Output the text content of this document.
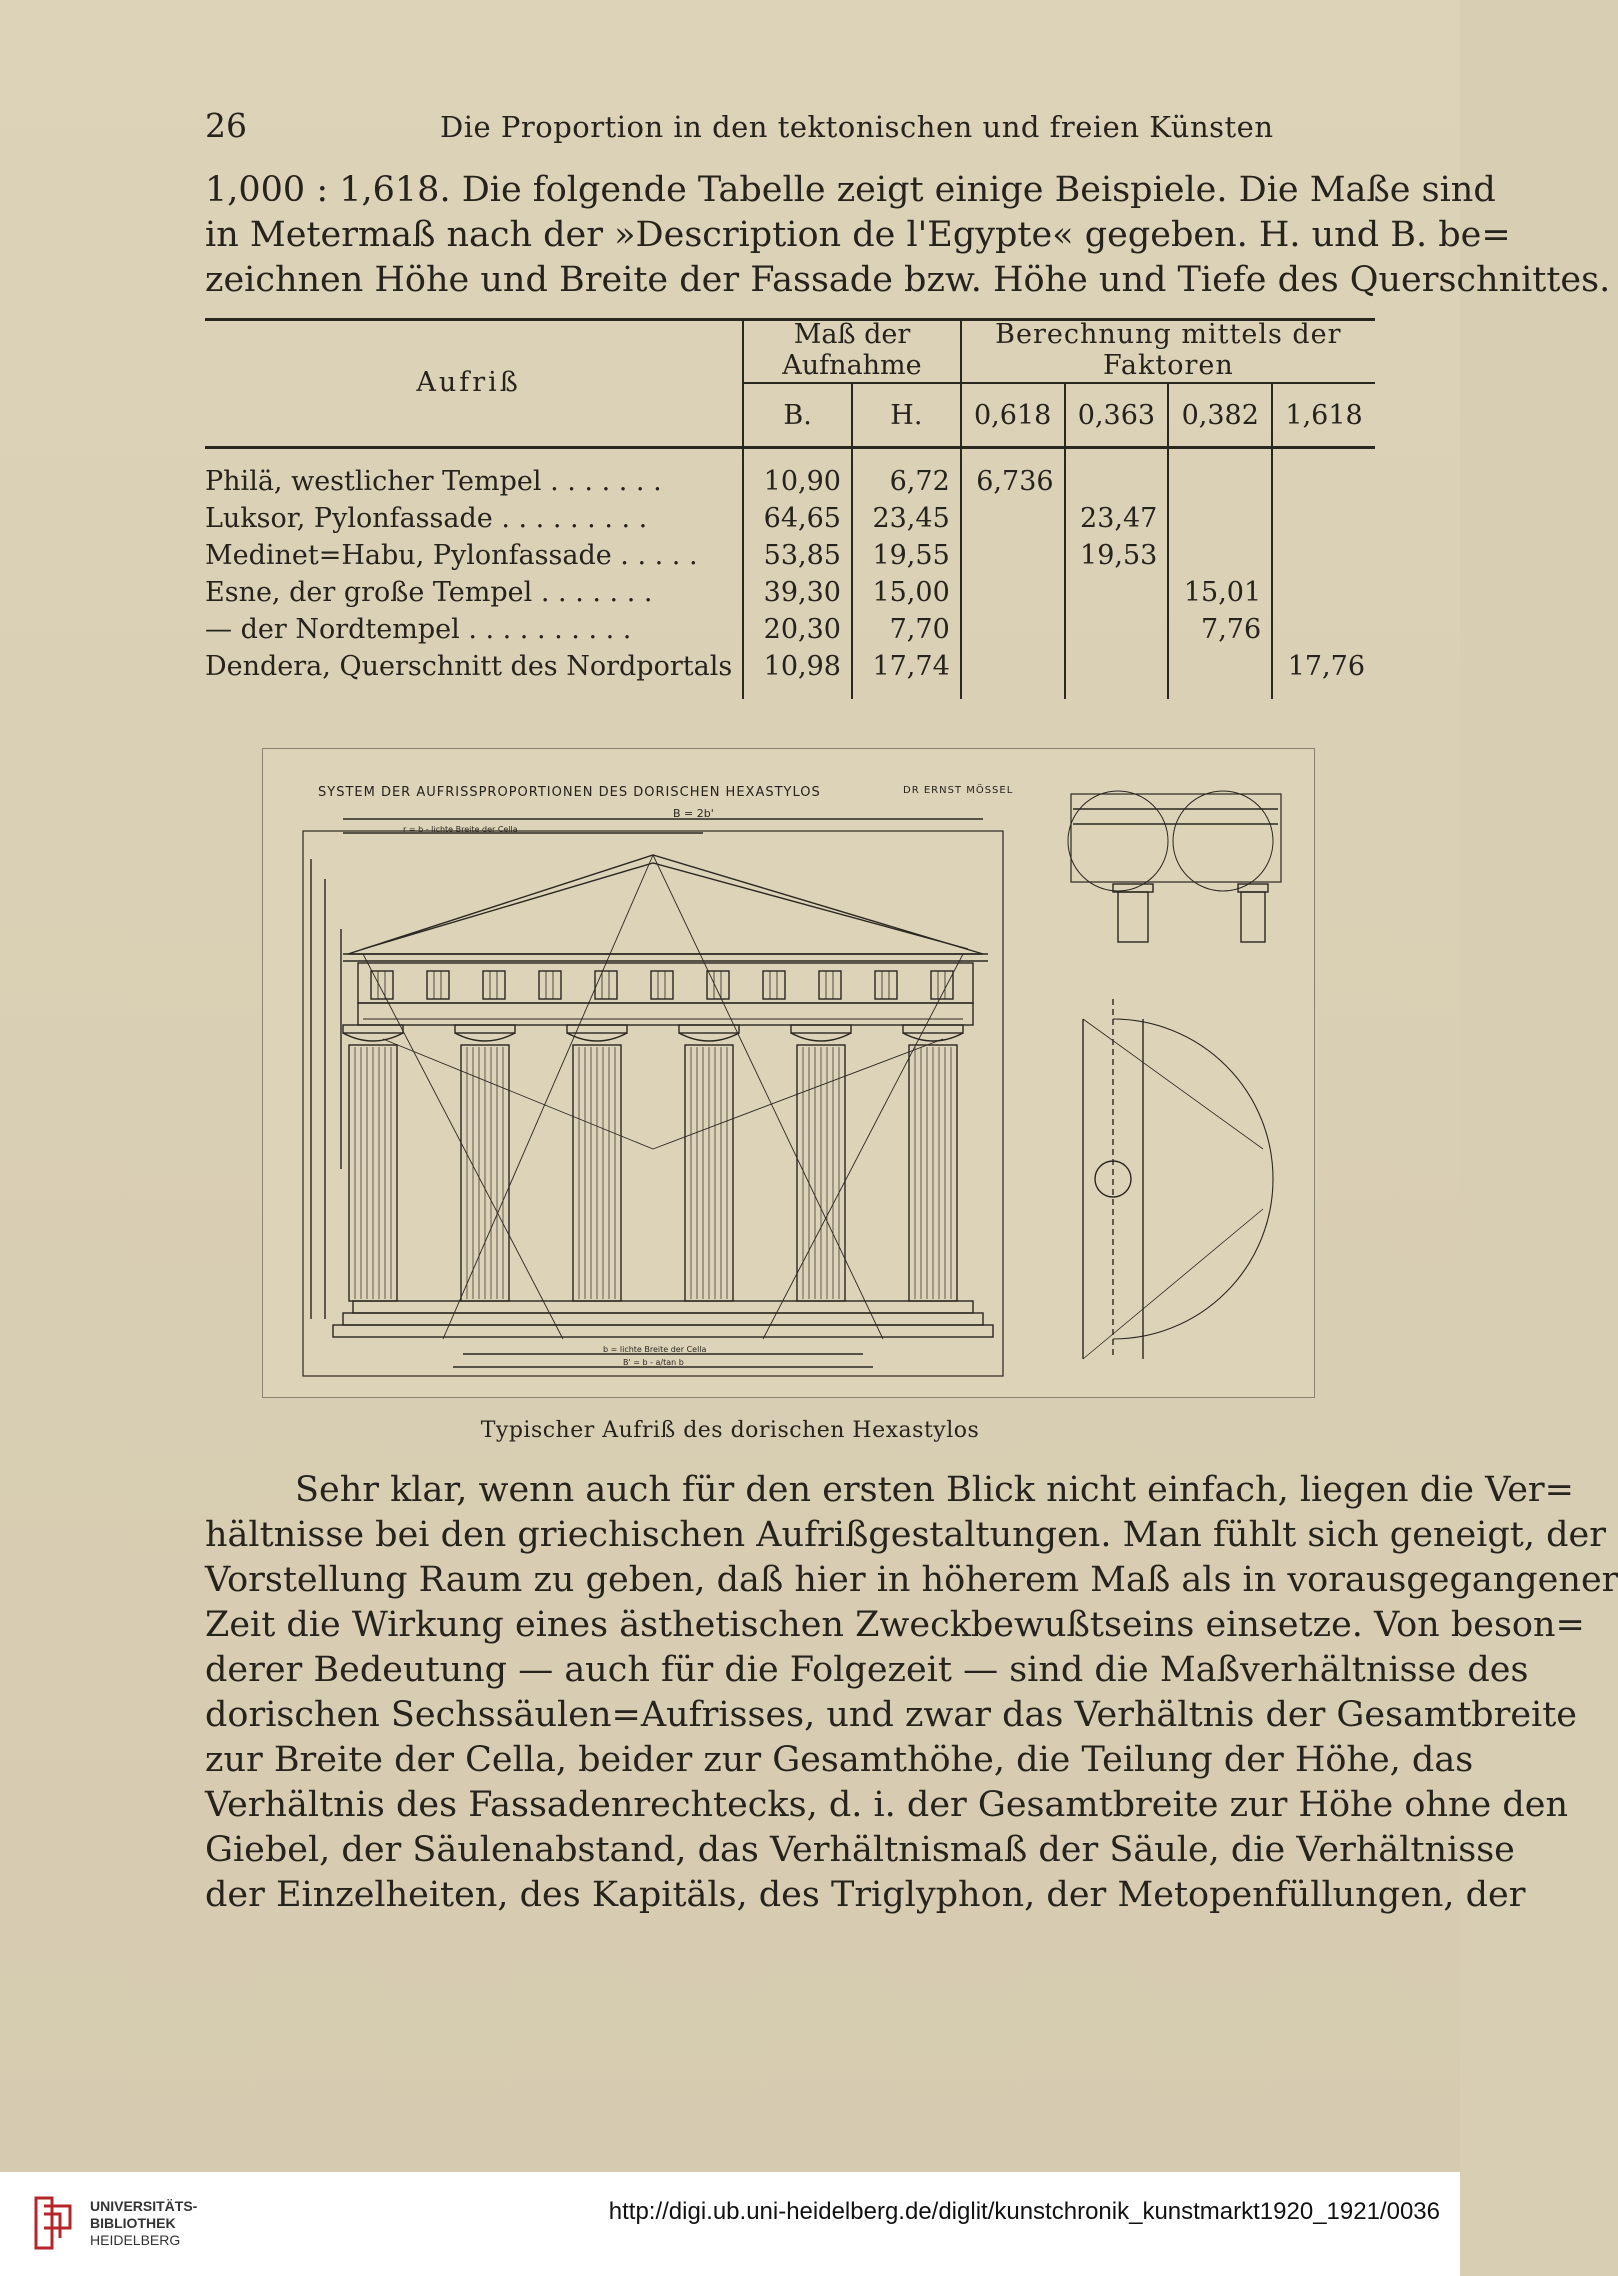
26	Die Proportion in den tektonischen und freien Künsten
1,000 : 1,618. Die folgende Tabelle zeigt einige Beispiele. Die Maße sind
in Metermaß nach der »Description de l'Egypte« gegeben. H. und B. be=
zeichnen Höhe und Breite der Fassade bzw. Höhe und Tiefe des Querschnittes.
Aufriß	Maß der Aufnahme		Berechnung mittels der Faktoren			
	B.	H.	0,618	0,363	0,382	1,618

Philä, westlicher Tempel . . . . . . .	10,90	6,72	6,736			
Luksor, Pylonfassade . . . . . . . . .	64,65	23,45		23,47		
Medinet=Habu, Pylonfassade . . . . .	53,85	19,55		19,53		
Esne, der große Tempel . . . . . . .	39,30	15,00			15,01	
— der Nordtempel . . . . . . . . . .	20,30	7,70			7,76	
Dendera, Querschnitt des Nordportals	10,98	17,74				17,76

SYSTEM DER AUFRISSPROPORTIONEN DES DORISCHEN HEXASTYLOS	DR ERNST MÖSSEL
B = 2b'
r = b - lichte Breite der Cella
b = lichte Breite der Cella
B' = b - a/tan b
Typischer Aufriß des dorischen Hexastylos
Sehr klar, wenn auch für den ersten Blick nicht einfach, liegen die Ver=
hältnisse bei den griechischen Aufrißgestaltungen. Man fühlt sich geneigt, der
Vorstellung Raum zu geben, daß hier in höherem Maß als in vorausgegangener
Zeit die Wirkung eines ästhetischen Zweckbewußtseins einsetze. Von beson=
derer Bedeutung — auch für die Folgezeit — sind die Maßverhältnisse des
dorischen Sechssäulen=Aufrisses, und zwar das Verhältnis der Gesamtbreite
zur Breite der Cella, beider zur Gesamthöhe, die Teilung der Höhe, das
Verhältnis des Fassadenrechtecks, d. i. der Gesamtbreite zur Höhe ohne den
Giebel, der Säulenabstand, das Verhältnismaß der Säule, die Verhältnisse
der Einzelheiten, des Kapitäls, des Triglyphon, der Metopenfüllungen, der
UNIVERSITÄTS-
BIBLIOTHEK
HEIDELBERG
http://digi.ub.uni-heidelberg.de/diglit/kunstchronik_kunstmarkt1920_1921/0036
